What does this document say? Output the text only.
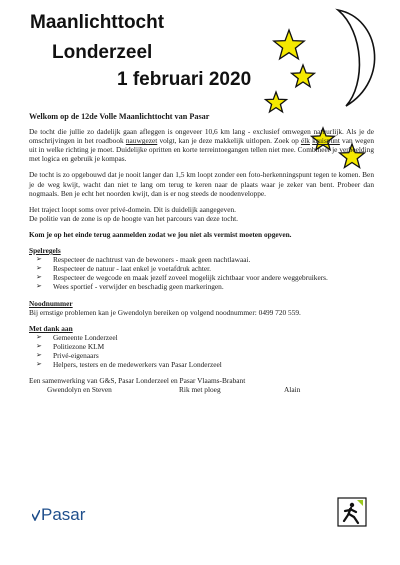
Maanlichttocht
Londerzeel
1 februari 2020

Welkom op de 12de Volle Maanlichttocht van Pasar

De tocht die jullie zo dadelijk gaan afleggen is ongeveer 10,6 km lang - exclusief omwegen natuurlijk. Als je de omschrijvingen in het roadbook nauwgezet volgt, kan je deze makkelijk uitlopen. Zoek op élk kruispunt van wegen uit in welke richting je moet. Duidelijke opritten en korte terreintoegangen tellen niet mee. Combineer je verbeelding met logica en gebruik je kompas.

De tocht is zo opgebouwd dat je nooit langer dan 1,5 km loopt zonder een foto-herkenningspunt tegen te komen. Ben je de weg kwijt, wacht dan niet te lang om terug te keren naar de plaats waar je zeker van bent. Probeer dan nogmaals. Ben je echt het noorden kwijt, dan is er nog steeds de noodenveloppe.

Het traject loopt soms over privé-domein. Dit is duidelijk aangegeven.
De politie van de zone is op de hoogte van het parcours van deze tocht.

Kom je op het einde terug aanmelden zodat we jou niet als vermist moeten opgeven.

Spelregels

➢ Respecteer de nachtrust van de bewoners - maak geen nachtlawaai.
➢ Respecteer de natuur - laat enkel je voetafdruk achter.
➢ Respecteer de wegcode en maak jezelf zoveel mogelijk zichtbaar voor andere weggebruikers.
➢ Wees sportief - verwijder en beschadig geen markeringen.

Noodnummer

Bij ernstige problemen kan je Gwendolyn bereiken op volgend noodnummer: 0499 720 559.

Met dank aan

➢ Gemeente Londerzeel
➢ Politiezone KLM
➢ Privé-eigenaars
➢ Helpers, testers en de medewerkers van Pasar Londerzeel

Een samenwerking van G&S, Pasar Londerzeel en Pasar Vlaams-Brabant

Gwendolyn en Steven	Rik met ploeg	Alain
Pasar
